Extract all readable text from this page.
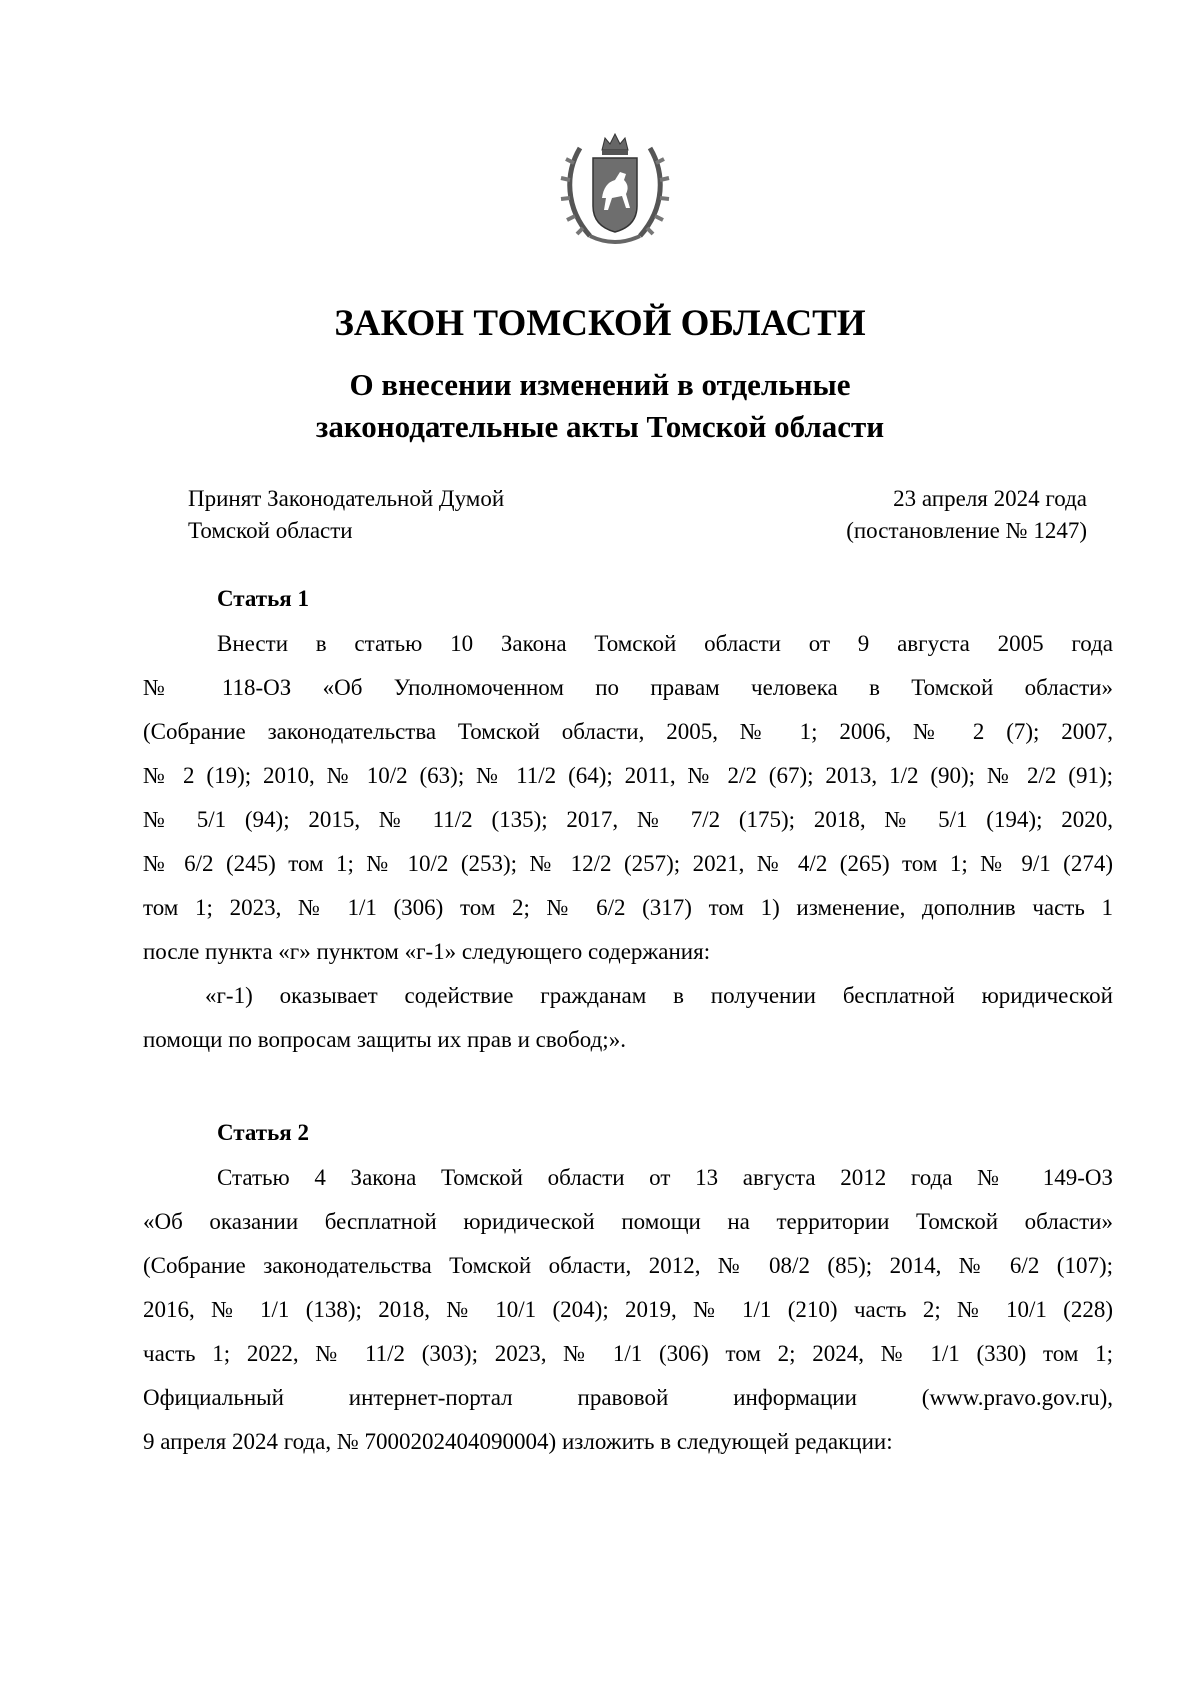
ЗАКОН ТОМСКОЙ ОБЛАСТИ
О внесении изменений в отдельные
законодательные акты Томской области
Принят Законодательной Думой
Томской области
23 апреля 2024 года
(постановление № 1247)
Статья 1

Внести в статью 10 Закона Томской области от 9 августа 2005 года

№ 118-ОЗ «Об Уполномоченном по правам человека в Томской области»

(Собрание законодательства Томской области, 2005, № 1; 2006, № 2 (7); 2007,

№ 2 (19); 2010, № 10/2 (63); № 11/2 (64); 2011, № 2/2 (67); 2013, 1/2 (90); № 2/2 (91);

№ 5/1 (94); 2015, № 11/2 (135); 2017, № 7/2 (175); 2018, № 5/1 (194); 2020,

№ 6/2 (245) том 1; № 10/2 (253); № 12/2 (257); 2021, № 4/2 (265) том 1; № 9/1 (274)

том 1; 2023, № 1/1 (306) том 2; № 6/2 (317) том 1) изменение, дополнив часть 1

после пункта «г» пунктом «г-1» следующего содержания:

«г-1) оказывает содействие гражданам в получении бесплатной юридической

помощи по вопросам защиты их прав и свобод;».

Статья 2

Статью 4 Закона Томской области от 13 августа 2012 года № 149-ОЗ

«Об оказании бесплатной юридической помощи на территории Томской области»

(Собрание законодательства Томской области, 2012, № 08/2 (85); 2014, № 6/2 (107);

2016, № 1/1 (138); 2018, № 10/1 (204); 2019, № 1/1 (210) часть 2; № 10/1 (228)

часть 1; 2022, № 11/2 (303); 2023, № 1/1 (306) том 2; 2024, № 1/1 (330) том 1;

Официальный интернет-портал правовой информации (www.pravo.gov.ru),

9 апреля 2024 года, № 7000202404090004) изложить в следующей редакции:
